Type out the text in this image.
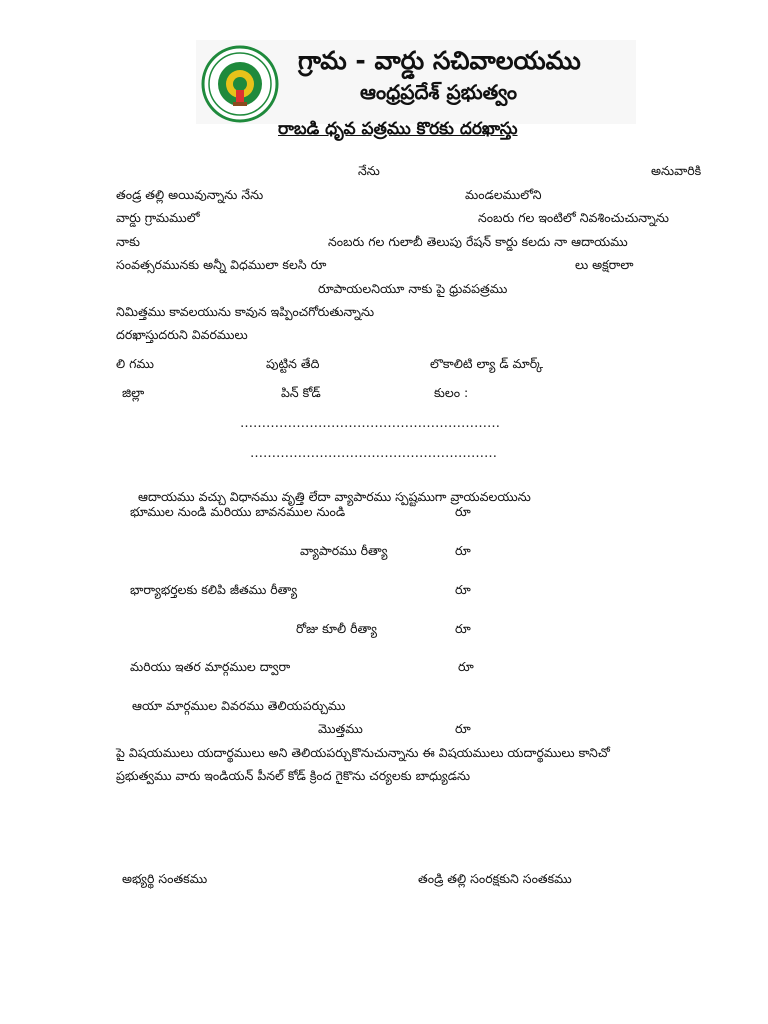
గ్రామ - వార్డు సచివాలయము
ఆంధ్రప్రదేశ్ ప్రభుత్వం
రాబడి ధృవ పత్రము కొరకు దరఖాస్తు
నేను	అనువారికి
తండ్ర తల్లి అయివున్నాను నేను	మండలములోని
వార్డు గ్రామములో	నంబరు గల ఇంటిలో నివశించుచున్నాను
నాకు	నంబరు గల గులాబీ తెలుపు రేషన్ కార్డు కలదు నా ఆదాయము
సంవత్సరమునకు అన్నీ విధములా కలసి రూ	లు అక్షరాలా
రూపాయలనియూ నాకు పై ధ్రువపత్రము
నిమిత్తము కావలయును కావున ఇప్పించగోరుతున్నాను
దరఖాస్తుదరుని వివరములు
లి గము	పుట్టిన తేది	లొకాలిటి ల్యా డ్ మార్క్
జిల్లా	పిన్ కోడ్	కులం :
……………………………………………………
…………………………………………………
ఆదాయము వచ్చు విధానము వృత్తి లేదా వ్యాపారము స్పష్టముగా వ్రాయవలయును
భూముల నుండి మరియు బావనముల నుండి	రూ
వ్యాపారము రీత్యా	రూ
భార్యాభర్తలకు కలిపి జీతము రీత్యా	రూ
రోజు కూలీ రీత్యా	రూ
మరియు ఇతర మార్గముల ద్వారా	రూ
ఆయా మార్గముల వివరము తెలియపర్చుము
మొత్తము	రూ
పై విషయములు యదార్థములు అని తెలియపర్చుకొనుచున్నాను ఈ విషయములు యదార్థములు కానిచో
ప్రభుత్వము వారు ఇండియన్ పీనల్ కోడ్ క్రింద గైకొను చర్యలకు బాధ్యుడను
అభ్యర్థి సంతకము	తండ్రి తల్లి సంరక్షకుని సంతకము
